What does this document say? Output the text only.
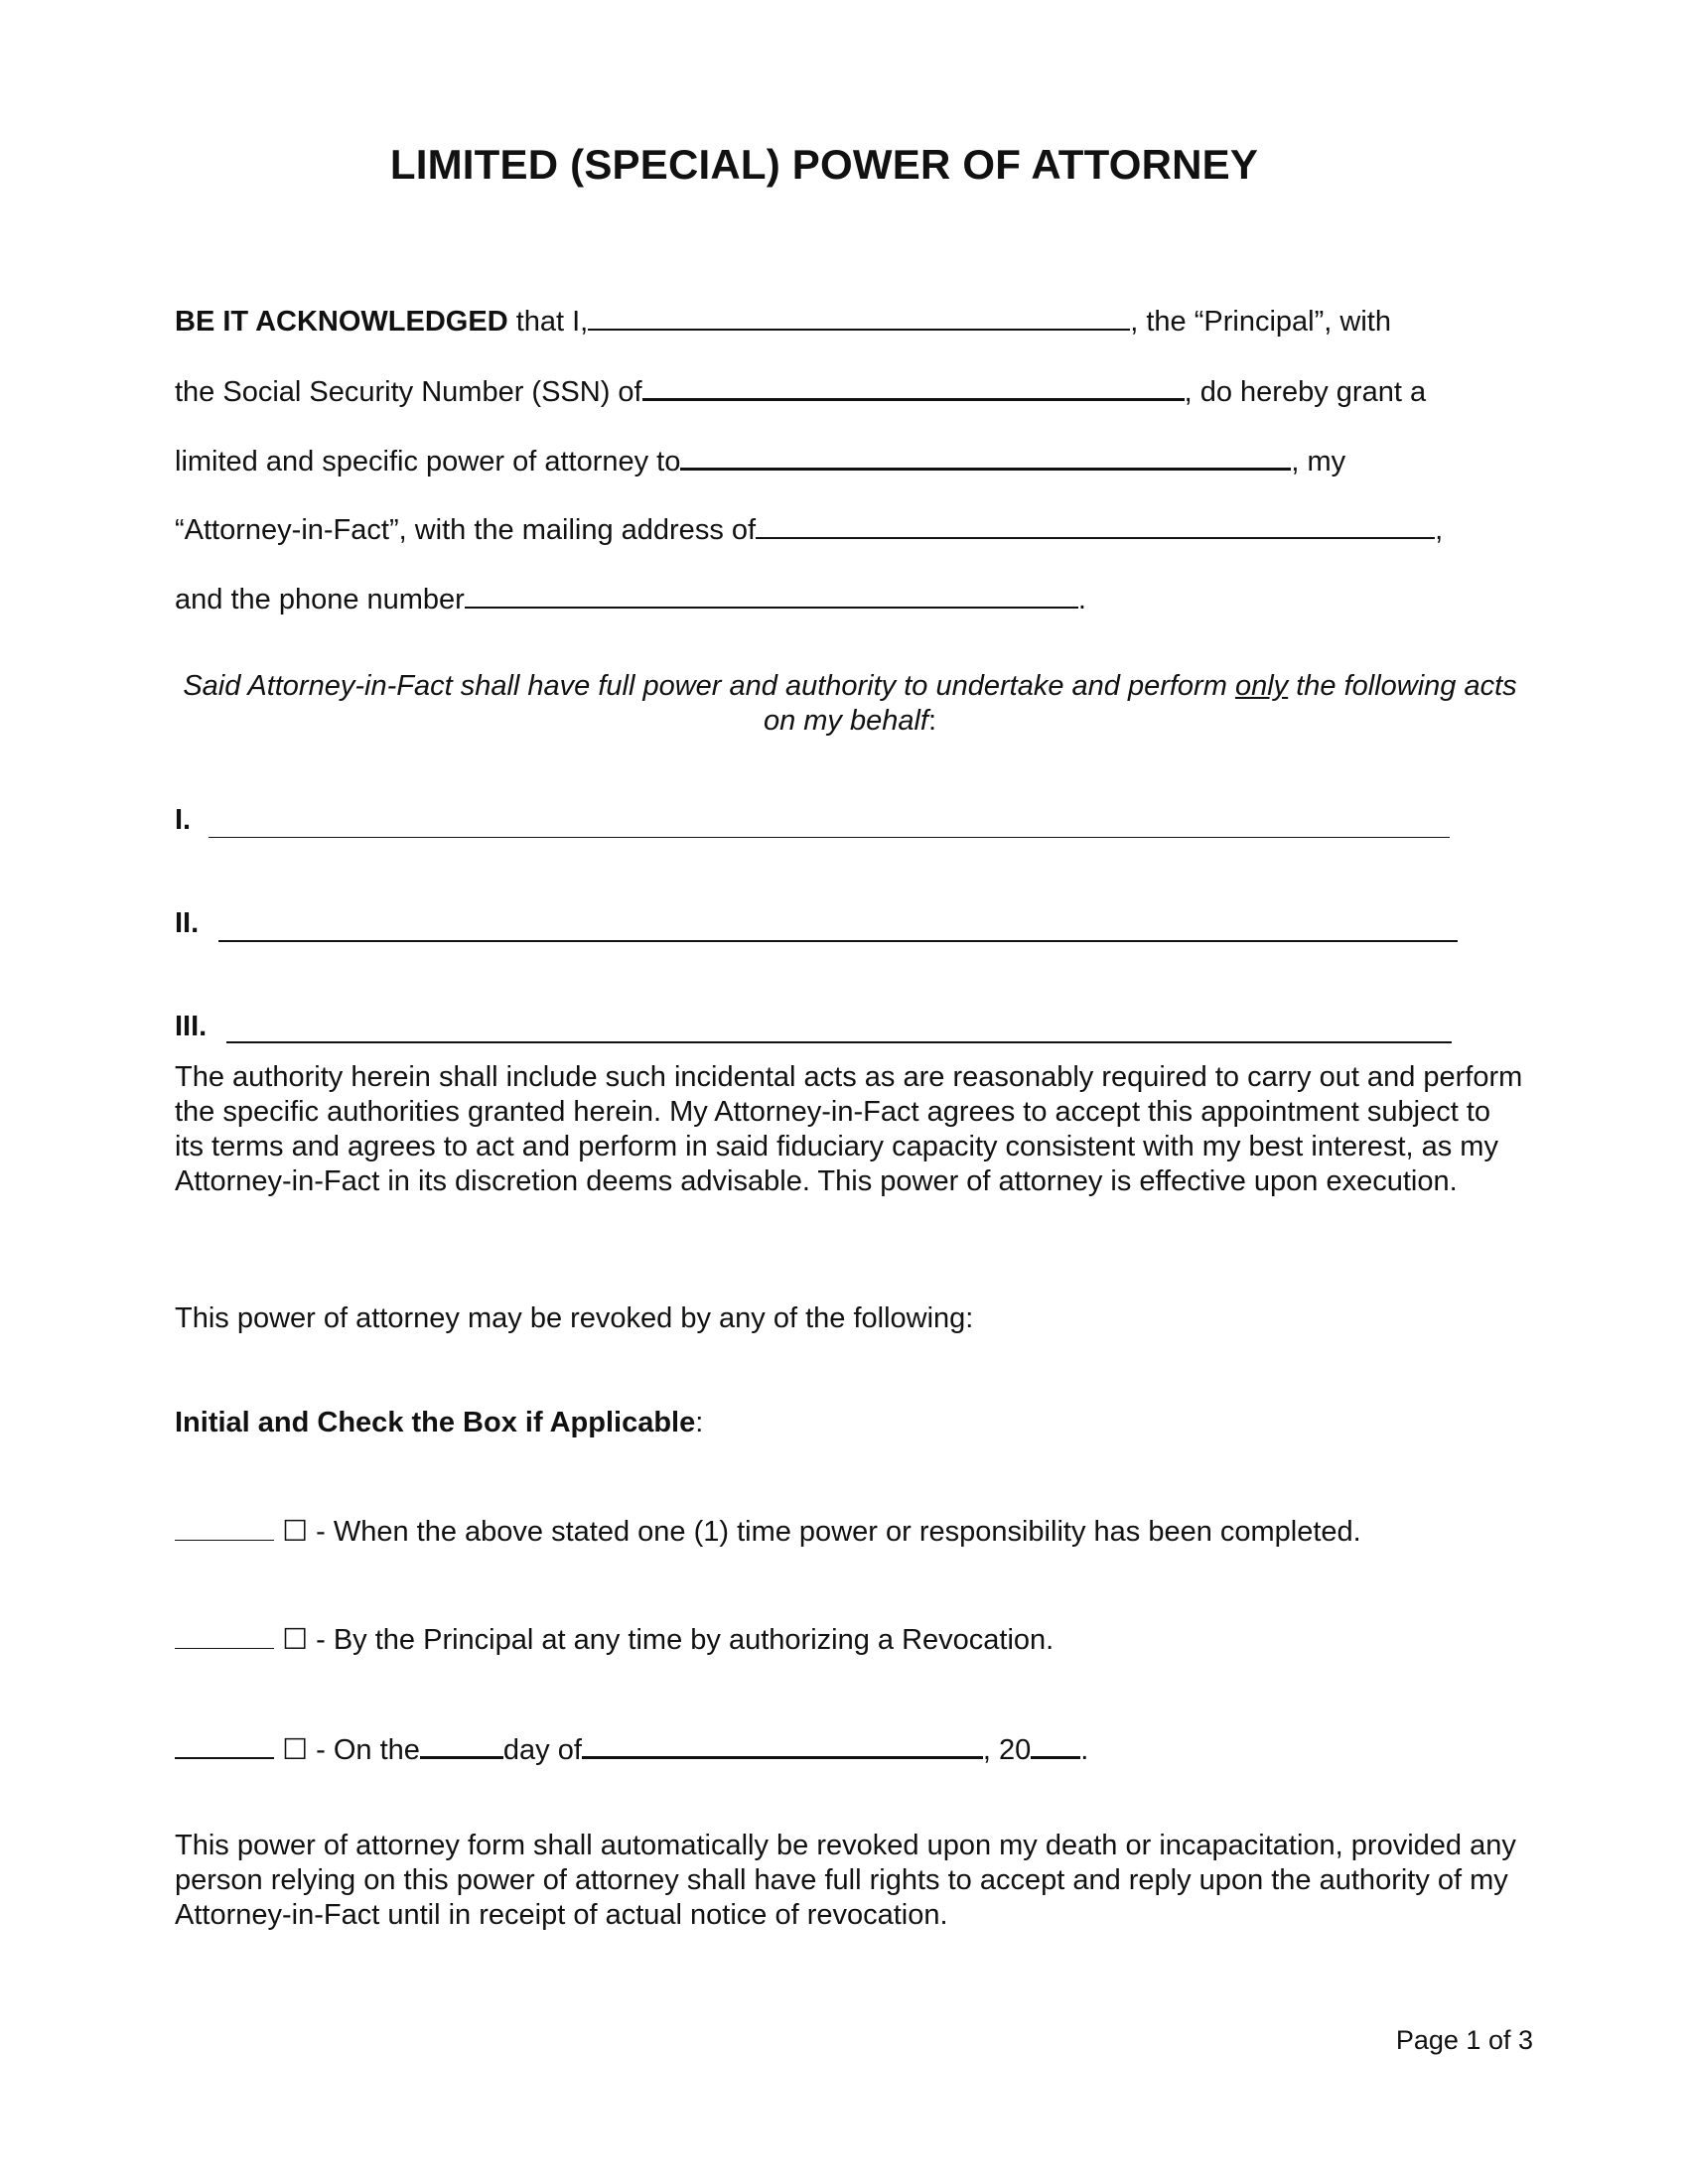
LIMITED (SPECIAL) POWER OF ATTORNEY
BE IT ACKNOWLEDGED that I,	, the “Principal”, with
the Social Security Number (SSN) of	, do hereby grant a
limited and specific power of attorney to	, my
“Attorney-in-Fact”, with the mailing address of	,
and the phone number	.
Said Attorney-in-Fact shall have full power and authority to undertake and perform only the following acts on my behalf:
I.
II.
III.
The authority herein shall include such incidental acts as are reasonably required to carry out and perform the specific authorities granted herein. My Attorney-in-Fact agrees to accept this appointment subject to its terms and agrees to act and perform in said fiduciary capacity consistent with my best interest, as my Attorney-in-Fact in its discretion deems advisable. This power of attorney is effective upon execution.
This power of attorney may be revoked by any of the following:
Initial and Check the Box if Applicable:
☐ - When the above stated one (1) time power or responsibility has been completed.
☐ - By the Principal at any time by authorizing a Revocation.
☐ - On the	day of	, 20 .
This power of attorney form shall automatically be revoked upon my death or incapacitation, provided any person relying on this power of attorney shall have full rights to accept and reply upon the authority of my Attorney-in-Fact until in receipt of actual notice of revocation.
Page 1 of 3
